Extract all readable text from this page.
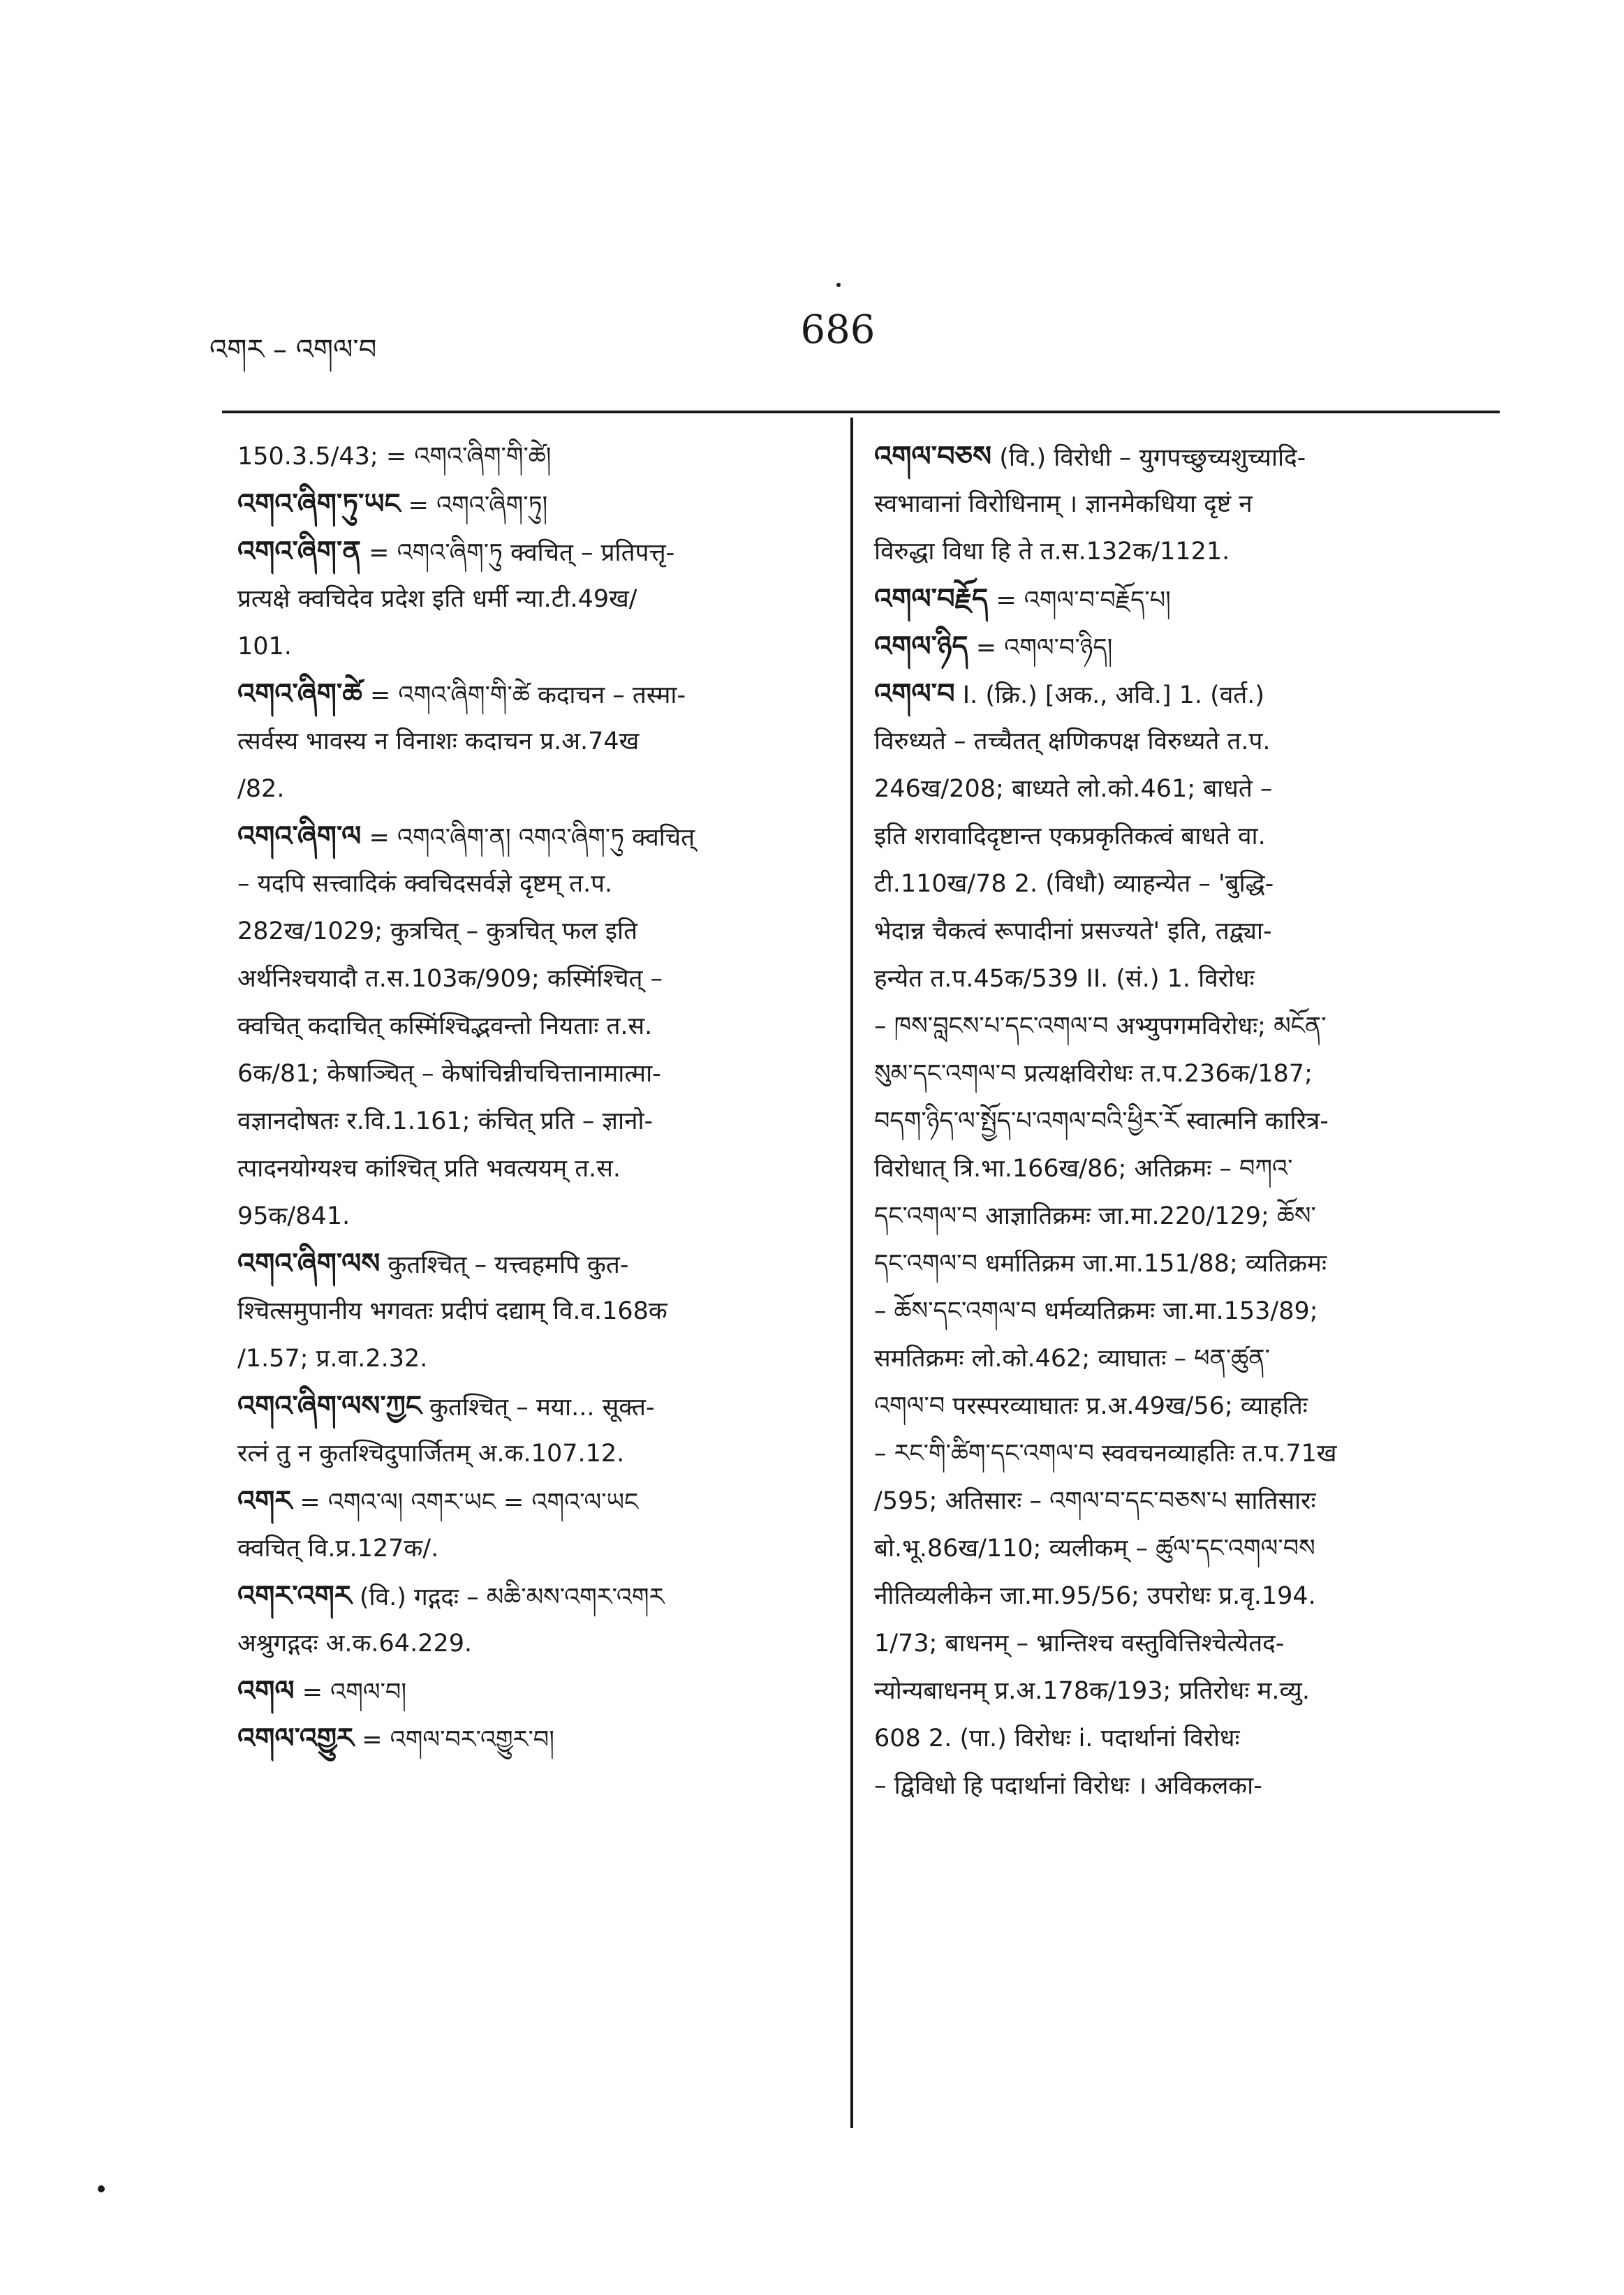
འགར – འགལ་བ	686
150.3.5/43; = འགའ་ཞིག་གི་ཚེ།
འགའ་ཞིག་ཏུ་ཡང = འགའ་ཞིག་ཏུ།
འགའ་ཞིག་ན = འགའ་ཞིག་ཏུ क्वचित् – प्रतिपत्तृ-
प्रत्यक्षे क्वचिदेव प्रदेश इति धर्मी न्या.टी.49ख/
101.
འགའ་ཞིག་ཚེ = འགའ་ཞིག་གི་ཚེ कदाचन – तस्मा-
त्सर्वस्य भावस्य न विनाशः कदाचन प्र.अ.74ख
/82.
འགའ་ཞིག་ལ = འགའ་ཞིག་ན། འགའ་ཞིག་ཏུ क्वचित्
– यदपि सत्त्वादिकं क्वचिदसर्वज्ञे दृष्टम् त.प.
282ख/1029; कुत्रचित् – कुत्रचित् फल इति
अर्थनिश्चयादौ त.स.103क/909; कस्मिंश्चित् –
क्वचित् कदाचित् कस्मिंश्चिद्भवन्तो नियताः त.स.
6क/81; केषाञ्चित् – केषांचिन्नीचचित्तानामात्मा-
वज्ञानदोषतः र.वि.1.161; कंचित् प्रति – ज्ञानो-
त्पादनयोग्यश्च कांश्चित् प्रति भवत्ययम् त.स.
95क/841.
འགའ་ཞིག་ལས कुतश्चित् – यत्त्वहमपि कुत-
श्चित्समुपानीय भगवतः प्रदीपं दद्याम् वि.व.168क
/1.57; प्र.वा.2.32.
འགའ་ཞིག་ལས་ཀྱང कुतश्चित् – मया... सूक्त-
रत्नं तु न कुतश्चिदुपार्जितम् अ.क.107.12.
འགར = འགའ་ལ། འགར་ཡང = འགའ་ལ་ཡང
क्वचित् वि.प्र.127क/.
འགར་འགར (वि.) गद्गदः – མཆི་མས་འགར་འགར
अश्रुगद्गदः अ.क.64.229.
འགལ = འགལ་བ།
འགལ་འགྱུར = འགལ་བར་འགྱུར་བ།
འགལ་བཅས (वि.) विरोधी – युगपच्छुच्यशुच्यादि-
स्वभावानां विरोधिनाम् । ज्ञानमेकधिया दृष्टं न
विरुद्धा विधा हि ते त.स.132क/1121.
འགལ་བརྗོད = འགལ་བ་བརྗོད་པ།
འགལ་ཉིད = འགལ་བ་ཉིད།
འགལ་བ I. (क्रि.) [अक., अवि.] 1. (वर्त.)
विरुध्यते – तच्चैतत् क्षणिकपक्ष विरुध्यते त.प.
246ख/208; बाध्यते लो.को.461; बाधते –
इति शरावादिदृष्टान्त एकप्रकृतिकत्वं बाधते वा.
टी.110ख/78 2. (विधौ) व्याहन्येत – 'बुद्धि-
भेदान्न चैकत्वं रूपादीनां प्रसज्यते' इति, तद्व्या-
हन्येत त.प.45क/539 II. (सं.) 1. विरोधः
– ཁས་བླངས་པ་དང་འགལ་བ अभ्युपगमविरोधः; མངོན་
སུམ་དང་འགལ་བ प्रत्यक्षविरोधः त.प.236क/187;
བདག་ཉིད་ལ་སྤྱོད་པ་འགལ་བའི་ཕྱིར་རོ स्वात्मनि कारित्र-
विरोधात् त्रि.भा.166ख/86; अतिक्रमः – བཀའ་
དང་འགལ་བ आज्ञातिक्रमः जा.मा.220/129; ཆོས་
དང་འགལ་བ धर्मातिक्रम जा.मा.151/88; व्यतिक्रमः
– ཆོས་དང་འགལ་བ धर्मव्यतिक्रमः जा.मा.153/89;
समतिक्रमः लो.को.462; व्याघातः – ཕན་ཚུན་
འགལ་བ परस्परव्याघातः प्र.अ.49ख/56; व्याहतिः
– རང་གི་ཚིག་དང་འགལ་བ स्ववचनव्याहतिः त.प.71ख
/595; अतिसारः – འགལ་བ་དང་བཅས་པ सातिसारः
बो.भू.86ख/110; व्यलीकम् – ཚུལ་དང་འགལ་བས
नीतिव्यलीकेन जा.मा.95/56; उपरोधः प्र.वृ.194.
1/73; बाधनम् – भ्रान्तिश्च वस्तुवित्तिश्चेत्येतद-
न्योन्यबाधनम् प्र.अ.178क/193; प्रतिरोधः म.व्यु.
608 2. (पा.) विरोधः i. पदार्थानां विरोधः
– द्विविधो हि पदार्थानां विरोधः । अविकलका-
